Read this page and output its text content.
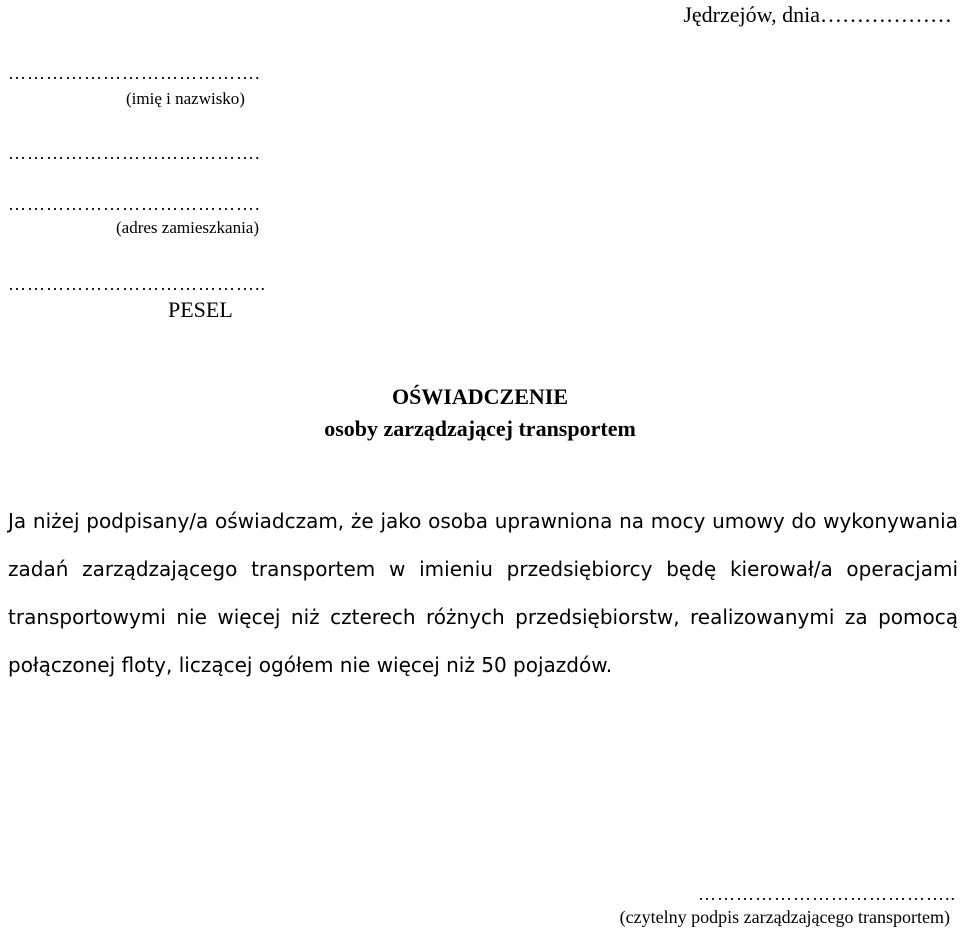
Jędrzejów, dnia………………
………………………………….
(imię i nazwisko)
………………………………….
………………………………….
(adres zamieszkania)
…………………………………..
PESEL
OŚWIADCZENIE
osoby zarządzającej transportem

Ja niżej podpisany/a oświadczam, że jako osoba uprawniona na mocy umowy do wykonywania zadań zarządzającego transportem w imieniu przedsiębiorcy będę kierował/a operacjami transportowymi nie więcej niż czterech różnych przedsiębiorstw, realizowanymi za pomocą połączonej floty, liczącej ogółem nie więcej niż 50 pojazdów.

…………………………………..
(czytelny podpis zarządzającego transportem)
